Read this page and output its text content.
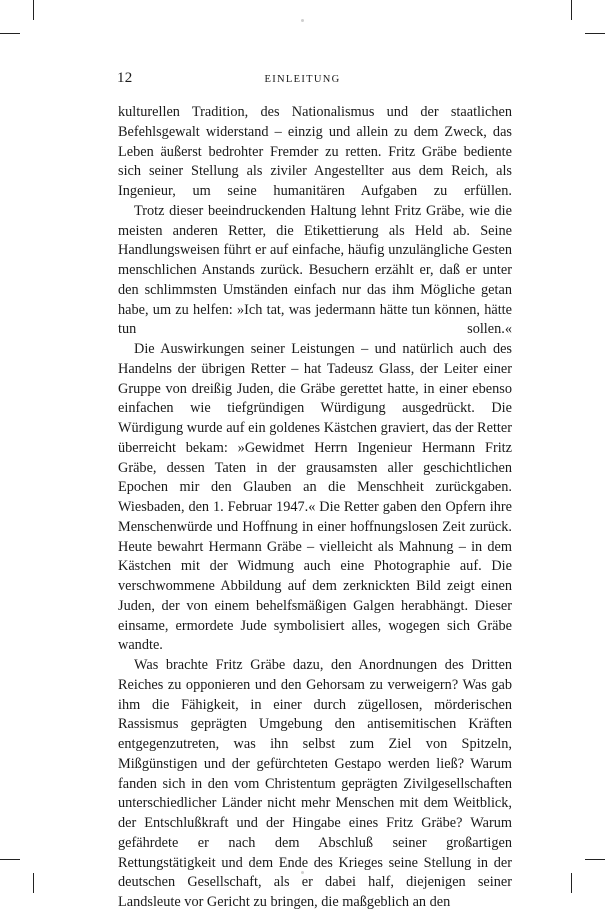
12	EINLEITUNG

kulturellen Tradition, des Nationalismus und der staatlichen Befehlsgewalt widerstand – einzig und allein zu dem Zweck, das Leben äußerst bedrohter Fremder zu retten. Fritz Gräbe bediente sich seiner Stellung als ziviler Angestellter aus dem Reich, als Ingenieur, um seine humanitären Aufgaben zu erfüllen.

Trotz dieser beeindruckenden Haltung lehnt Fritz Gräbe, wie die meisten anderen Retter, die Etikettierung als Held ab. Seine Handlungsweisen führt er auf einfache, häufig unzulängliche Gesten menschlichen Anstands zurück. Besuchern erzählt er, daß er unter den schlimmsten Umständen einfach nur das ihm Mögliche getan habe, um zu helfen: »Ich tat, was jedermann hätte tun können, hätte tun sollen.«

Die Auswirkungen seiner Leistungen – und natürlich auch des Handelns der übrigen Retter – hat Tadeusz Glass, der Leiter einer Gruppe von dreißig Juden, die Gräbe gerettet hatte, in einer ebenso einfachen wie tiefgründigen Würdigung ausgedrückt. Die Würdigung wurde auf ein goldenes Kästchen graviert, das der Retter überreicht bekam: »Gewidmet Herrn Ingenieur Hermann Fritz Gräbe, dessen Taten in der grausamsten aller geschichtlichen Epochen mir den Glauben an die Menschheit zurückgaben. Wiesbaden, den 1. Februar 1947.« Die Retter gaben den Opfern ihre Menschenwürde und Hoffnung in einer hoffnungslosen Zeit zurück. Heute bewahrt Hermann Gräbe – vielleicht als Mahnung – in dem Kästchen mit der Widmung auch eine Photographie auf. Die verschwommene Abbildung auf dem zerknickten Bild zeigt einen Juden, der von einem behelfsmäßigen Galgen herabhängt. Dieser einsame, ermordete Jude symbolisiert alles, wogegen sich Gräbe wandte.

Was brachte Fritz Gräbe dazu, den Anordnungen des Dritten Reiches zu opponieren und den Gehorsam zu verweigern? Was gab ihm die Fähigkeit, in einer durch zügellosen, mörderischen Rassismus geprägten Umgebung den antisemitischen Kräften entgegenzutreten, was ihn selbst zum Ziel von Spitzeln, Mißgünstigen und der gefürchteten Gestapo werden ließ? Warum fanden sich in den vom Christentum geprägten Zivilgesellschaften unterschiedlicher Länder nicht mehr Menschen mit dem Weitblick, der Entschlußkraft und der Hingabe eines Fritz Gräbe? Warum gefährdete er nach dem Abschluß seiner großartigen Rettungstätigkeit und dem Ende des Krieges seine Stellung in der deutschen Gesellschaft, als er dabei half, diejenigen seiner Landsleute vor Gericht zu bringen, die maßgeblich an den
